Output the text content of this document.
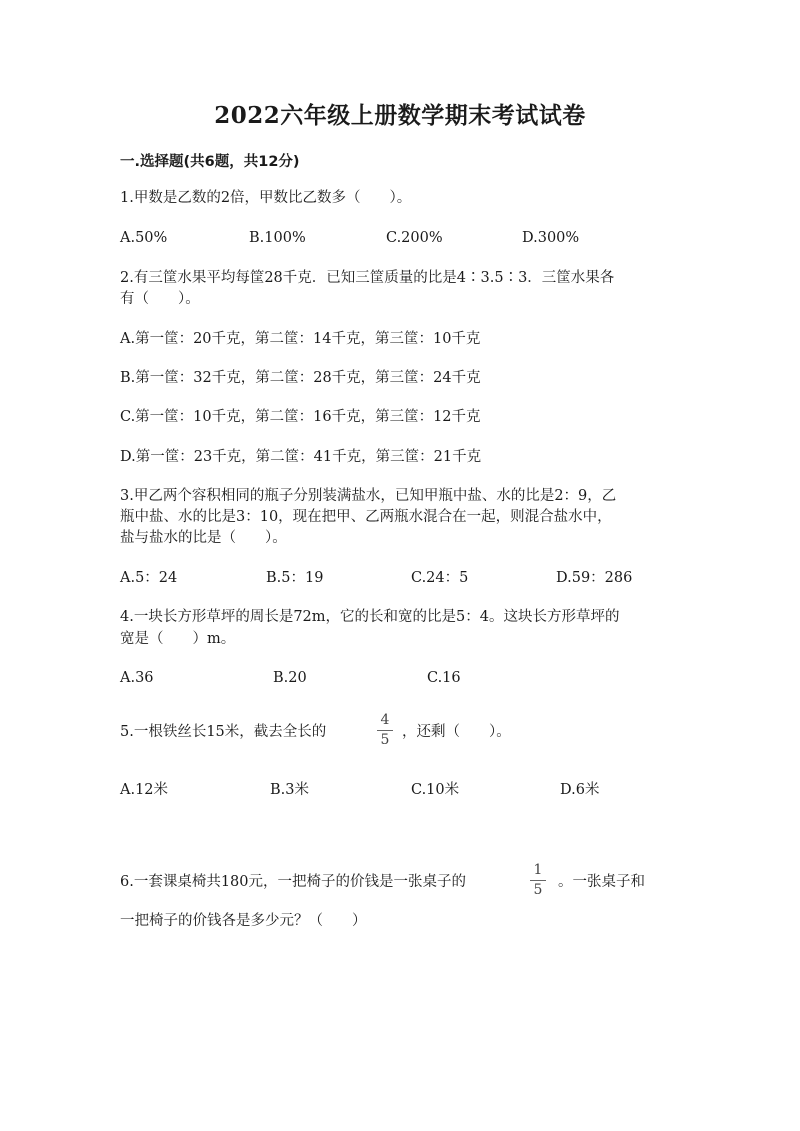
2022六年级上册数学期末考试试卷
一.选择题(共6题，共12分)
1.甲数是乙数的2倍，甲数比乙数多（　　）。
A.50%	B.100%	C.200%	D.300%
2.有三筐水果平均每筐28千克．已知三筐质量的比是4∶3.5∶3．三筐水果各
有（　　）。
A.第一筐：20千克，第二筐：14千克，第三筐：10千克
B.第一筐：32千克，第二筐：28千克，第三筐：24千克
C.第一筐：10千克，第二筐：16千克，第三筐：12千克
D.第一筐：23千克，第二筐：41千克，第三筐：21千克
3.甲乙两个容积相同的瓶子分别装满盐水，已知甲瓶中盐、水的比是2：9，乙
瓶中盐、水的比是3：10，现在把甲、乙两瓶水混合在一起，则混合盐水中，
盐与盐水的比是（　　）。
A.5：24	B.5：19	C.24：5	D.59：286
4.一块长方形草坪的周长是72m，它的长和宽的比是5：4。这块长方形草坪的
宽是（　　）m。
A.36	B.20	C.16
5.一根铁丝长15米，截去全长的
4
5 ，还剩（　　）。
A.12米	B.3米	C.10米	D.6米
6.一套课桌椅共180元，一把椅子的价钱是一张桌子的
1
5	。一张桌子和
一把椅子的价钱各是多少元？（　　）
